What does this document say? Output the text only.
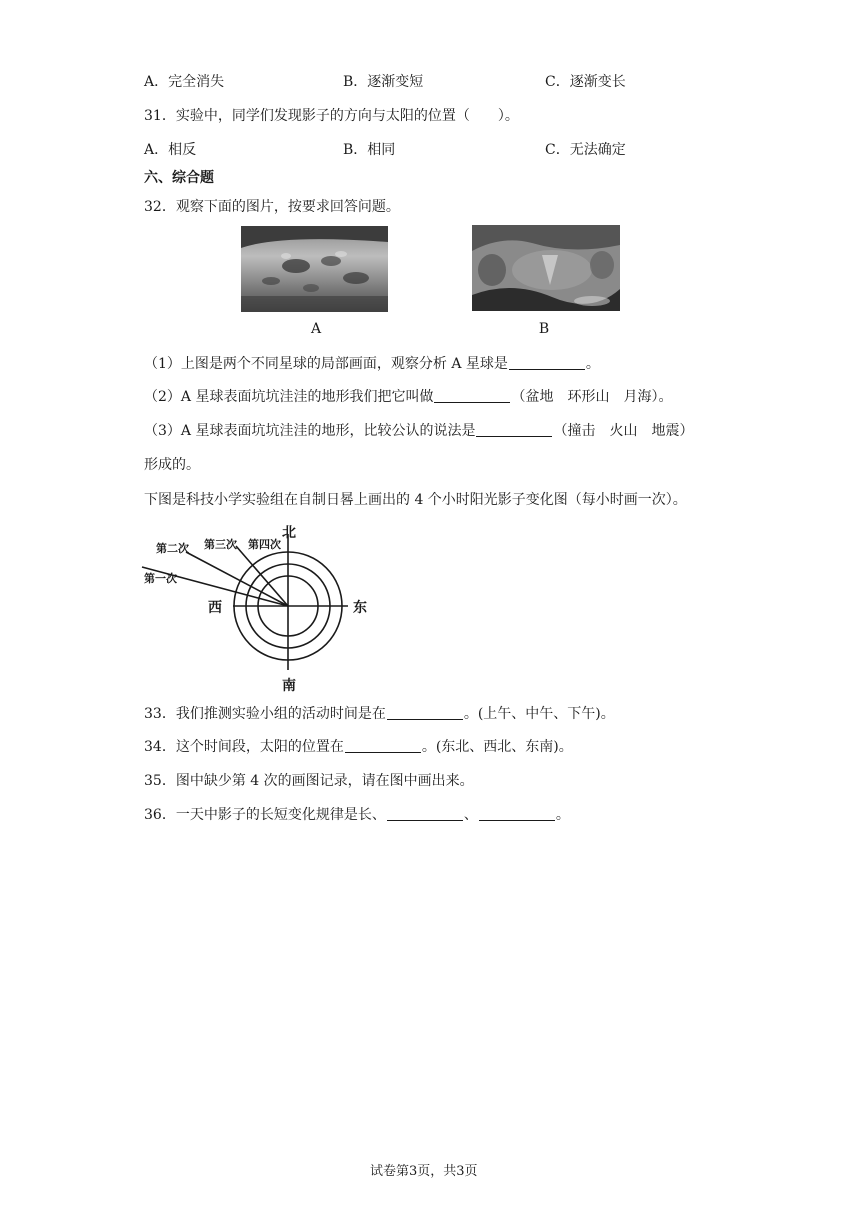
A．完全消失	B．逐渐变短	C．逐渐变长
31．实验中，同学们发现影子的方向与太阳的位置（　　）。
A．相反	B．相同	C．无法确定
六、综合题
32．观察下面的图片，按要求回答问题。
A	B
（1）上图是两个不同星球的局部画面，观察分析 A 星球是	。
（2）A 星球表面坑坑洼洼的地形我们把它叫做	（盆地　环形山　月海）。
（3）A 星球表面坑坑洼洼的地形，比较公认的说法是	（撞击　火山　地震）
形成的。
下图是科技小学实验组在自制日晷上画出的 4 个小时阳光影子变化图（每小时画一次）。
北
南
东
西
第一次
第二次 第三次 第四次
33．我们推测实验小组的活动时间是在	。(上午、中午、下午)。
34．这个时间段，太阳的位置在	。(东北、西北、东南)。
35．图中缺少第 4 次的画图记录，请在图中画出来。
36．一天中影子的长短变化规律是长、	、	。
试卷第3页，共3页
